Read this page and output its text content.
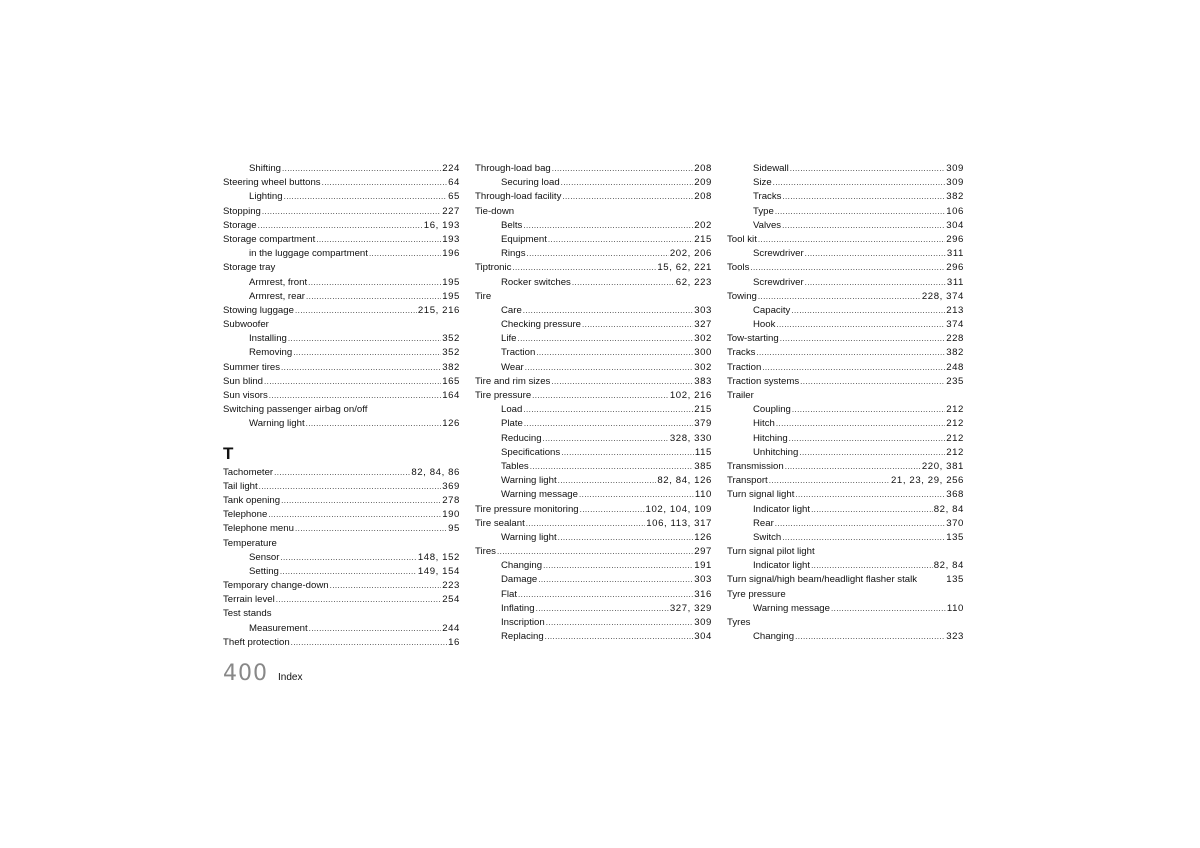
Shifting .....	224
Steering wheel buttons .....	64
Lighting .....	65
Stopping .....	227
Storage .....	16, 193
Storage compartment .....	193
in the luggage compartment .....	196
Storage tray
Armrest, front .....	195
Armrest, rear .....	195
Stowing luggage .....	215, 216
Subwoofer
Installing .....	352
Removing .....	352
Summer tires .....	382
Sun blind .....	165
Sun visors .....	164
Switching passenger airbag on/off
Warning light .....	126
T
Tachometer .....	82, 84, 86
Tail light .....	369
Tank opening .....	278
Telephone .....	190
Telephone menu .....	95
Temperature
Sensor .....	148, 152
Setting .....	149, 154
Temporary change-down .....	223
Terrain level .....	254
Test stands
Measurement .....	244
Theft protection .....	16
Through-load bag .....	208
Securing load .....	209
Through-load facility .....	208
Tie-down
Belts .....	202
Equipment .....	215
Rings .....	202, 206
Tiptronic .....	15, 62, 221
Rocker switches .....	62, 223
Tire
Care .....	303
Checking pressure .....	327
Life .....	302
Traction .....	300
Wear .....	302
Tire and rim sizes .....	383
Tire pressure .....	102, 216
Load .....	215
Plate .....	379
Reducing .....	328, 330
Specifications .....	115
Tables .....	385
Warning light .....	82, 84, 126
Warning message .....	110
Tire pressure monitoring .....	102, 104, 109
Tire sealant .....	106, 113, 317
Warning light .....	126
Tires .....	297
Changing .....	191
Damage .....	303
Flat .....	316
Inflating .....	327, 329
Inscription .....	309
Replacing .....	304
Sidewall .....	309
Size .....	309
Tracks .....	382
Type .....	106
Valves .....	304
Tool kit .....	296
Screwdriver .....	311
Tools .....	296
Screwdriver .....	311
Towing .....	228, 374
Capacity .....	213
Hook .....	374
Tow-starting .....	228
Tracks .....	382
Traction .....	248
Traction systems .....	235
Trailer
Coupling .....	212
Hitch .....	212
Hitching .....	212
Unhitching .....	212
Transmission .....	220, 381
Transport .....	21, 23, 29, 256
Turn signal light .....	368
Indicator light .....	82, 84
Rear .....	370
Switch .....	135
Turn signal pilot light
Indicator light .....	82, 84
Turn signal/high beam/headlight flasher stalk	135
Tyre pressure
Warning message .....	110
Tyres
Changing .....	323
400 Index
